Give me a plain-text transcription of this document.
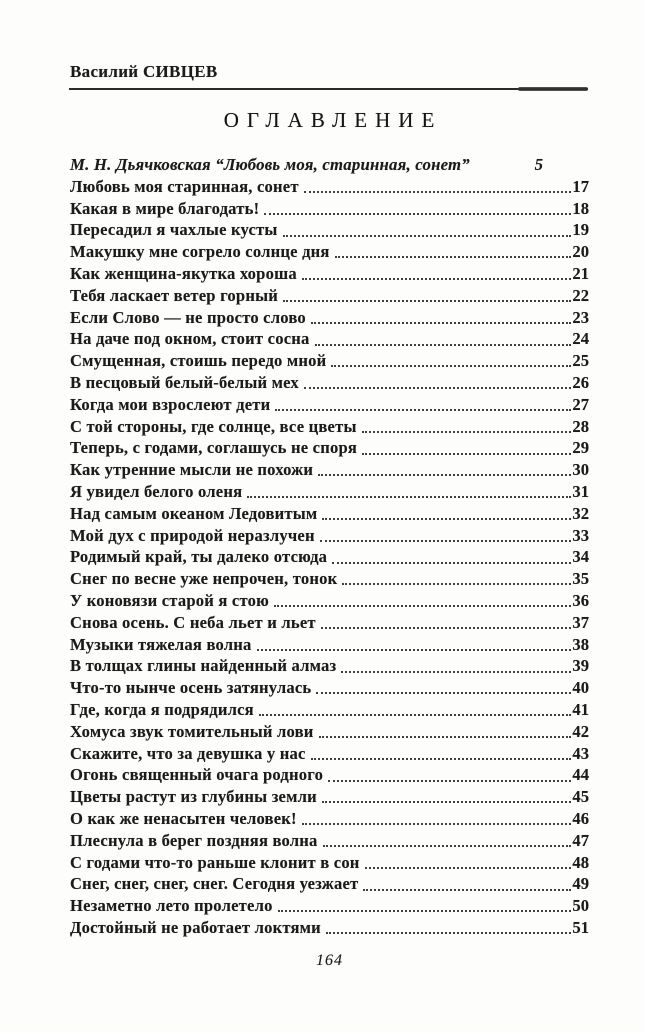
Василий СИВЦЕВ
ОГЛАВЛЕНИЕ
М. Н. Дьячковская “Любовь моя, старинная, сонет”	5
Любовь моя старинная, сонет	17
Какая в мире благодать!	18
Пересадил я чахлые кусты	19
Макушку мне согрело солнце дня	20
Как женщина-якутка хороша	21
Тебя ласкает ветер горный	22
Если Слово — не просто слово	23
На даче под окном, стоит сосна	24
Смущенная, стоишь передо мной	25
В песцовый белый-белый мех	26
Когда мои взрослеют дети	27
С той стороны, где солнце, все цветы	28
Теперь, с годами, соглашусь не споря	29
Как утренние мысли не похожи	30
Я увидел белого оленя	31
Над самым океаном Ледовитым	32
Мой дух с природой неразлучен	33
Родимый край, ты далеко отсюда	34
Снег по весне уже непрочен, тонок	35
У коновязи старой я стою	36
Снова осень. С неба льет и льет	37
Музыки тяжелая волна	38
В толщах глины найденный алмаз	39
Что-то нынче осень затянулась	40
Где, когда я подрядился	41
Хомуса звук томительный лови	42
Скажите, что за девушка у нас	43
Огонь священный очага родного	44
Цветы растут из глубины земли	45
О как же ненасытен человек!	46
Плеснула в берег поздняя волна	47
С годами что-то раньше клонит в сон	48
Снег, снег, снег, снег. Сегодня уезжает	49
Незаметно лето пролетело	50
Достойный не работает локтями	51
164
